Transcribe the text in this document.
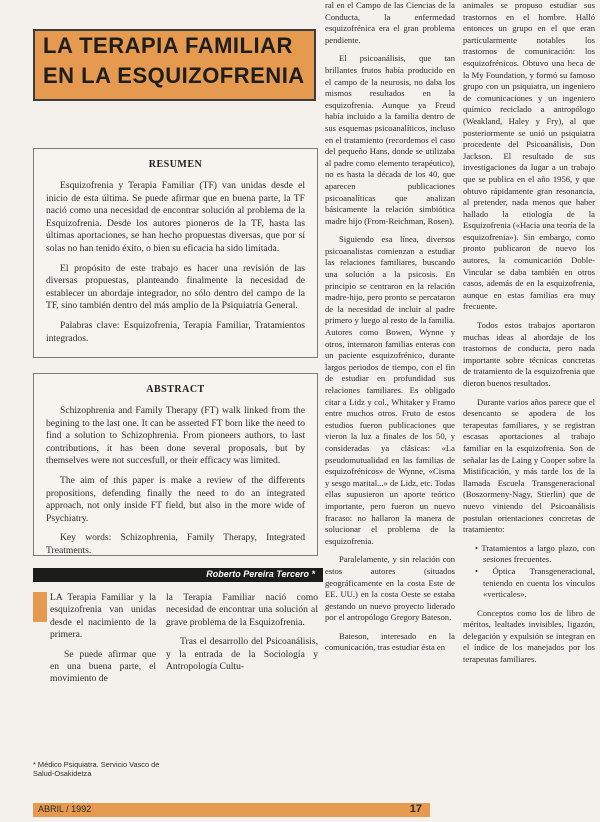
LA TERAPIA FAMILIAR
EN LA ESQUIZOFRENIA
RESUMEN

Esquizofrenia y Terapia Familiar (TF) van unidas desde el inicio de esta última. Se puede afirmar que en buena parte, la TF nació como una necesidad de encontrar solución al problema de la Esquizofrenia. Desde los autores pioneros de la TF, hasta las últimas aportaciones, se han hecho propuestas diversas, que por sí solas no han tenido éxito, o bien su eficacia ha sido limitada.

El propósito de este trabajo es hacer una revisión de las diversas propuestas, planteando finalmente la necesidad de establecer un abordaje integrador, no sólo dentro del campo de la TF, sino también dentro del más amplio de la Psiquiatría General.

Palabras clave: Esquizofrenia, Terapia Familiar, Tratamientos integrados.

ABSTRACT

Schizophrenia and Family Therapy (FT) walk linked from the begining to the last one. It can be asserted FT born like the need to find a solution to Schizophrenia. From pioneers authors, to last contributions, it has been done several proposals, but by themselves were not succesfull, or their efficacy was limited.

The aim of this paper is make a review of the differents propositions, defending finally the need to do an integrated approach, not only inside FT field, but also in the more wide of Psychiatry.

Key words: Schizophrenia, Family Therapy, Integrated Treatments.

Roberto Pereira Tercero *

LA Terapia Familiar y la esquizofrenia van unidas desde el nacimiento de la primera.

Se puede afirmar que en una buena parte, el movimiento de

la Terapia Familiar nació como necesidad de encontrar una solución al grave problema de la Esquizofrenia.

Tras el desarrollo del Psicoanálisis, y la entrada de la Sociología y Antropología Cultu-

* Médico Psiquiatra. Servicio Vasco de Salud-Osakidetza

ral en el Campo de las Ciencias de la Conducta, la enfermedad esquizofrénica era el gran problema pendiente.

El psicoanálisis, que tan brillantes frutos había producido en el campo de la neurosis, no daba los mismos resultados en la esquizofrenia. Aunque ya Freud había incluido a la familia dentro de sus esquemas psicoanalíticos, incluso en el tratamiento (recordemos el caso del pequeño Hans, donde se utilizaba al padre como elemento terapéutico), no es hasta la década de los 40, que aparecen publicaciones psicoanalíticas que analizan básicamente la relación simbiótica madre hijo (From-Reichman, Rosen).

Siguiendo esa línea, diversos psicoanalistas comienzan a estudiar las relaciones familiares, buscando una solución a la psicosis. En principio se centraron en la relación madre-hijo, pero pronto se percataron de la necesidad de incluir al padre primero y luego al resto de la familia. Autores como Bowen, Wynne y otros, internaron familias enteras con un paciente esquizofrénico, durante largos periodos de tiempo, con el fin de estudiar en profundidad sus relaciones familiares. Es obligado citar a Lidz y col., Whitaker y Framo entre muchos otros. Fruto de estos estudios fueron publicaciones que vieron la luz a finales de los 50, y consideradas ya clásicas: «La pseudomutualidad en las familias de esquizofrénicos» de Wynne, «Cisma y sesgo marital...» de Lidz, etc. Todas ellas supusieron un aporte teórico importante, pero fueron un nuevo fracaso: no hallaron la manera de solucionar el problema de la esquizofrenia.

Paralelamente, y sin relación con estos autores (situados geográficamente en la costa Este de EE. UU.) en la costa Oeste se estaba gestando un nuevo proyecto liderado por el antropólogo Gregory Bateson.

Bateson, interesado en la comunicación, tras estudiar ésta en

animales se propuso estudiar sus trastornos en el hombre. Halló entonces un grupo en el que eran particularmente notables los trastornos de comunicación: los esquizofrénicos. Obtuvo una beca de la My Foundation, y formó su famoso grupo con un psiquiatra, un ingeniero de comunicaciones y un ingeniero químico reciclado a antropólogo (Weakland, Haley y Fry), al que posteriormente se unió un psiquiatra procedente del Psicoanálisis, Don Jackson. El resultado de sus investigaciones da lugar a un trabajo que se publica en el año 1956, y que obtuvo rápidamente gran resonancia, al pretender, nada menos que haber hallado la etiología de la Esquizofrenia («Hacia una teoría de la esquizofrenia»). Sin embargo, como pronto publicaron de nuevo los autores, la comunicación Doble-Vincular se daba también en otros casos, además de en la esquizofrenia, aunque en estas familias era muy frecuente.

Todos estos trabajos aportaron muchas ideas al abordaje de los trastornos de conducta, pero nada importante sobre técnicas concretas de tratamiento de la esquizofrenia que dieron buenos resultados.

Durante varios años parece que el desencanto se apodera de los terapeutas familiares, y se registran escasas aportaciones al trabajo familiar en la esquizofrenia. Son de señalar las de Laing y Cooper sobre la Mistificación, y más tarde los de la llamada Escuela Transgeneracional (Boszormeny-Nagy, Stierlin) que de nuevo viniendo del Psicoanálisis postulan orientaciones concretas de tratamiento:

• Tratamientos a largo plazo, con sesiones frecuentes.
• Óptica Transgeneracional, teniendo en cuenta los vínculos «verticales».

Conceptos como los de libro de méritos, lealtades invisibles, ligazón, delegación y expulsión se integran en el índice de los manejados por los terapeutas familiares.

ABRIL / 1992	17
